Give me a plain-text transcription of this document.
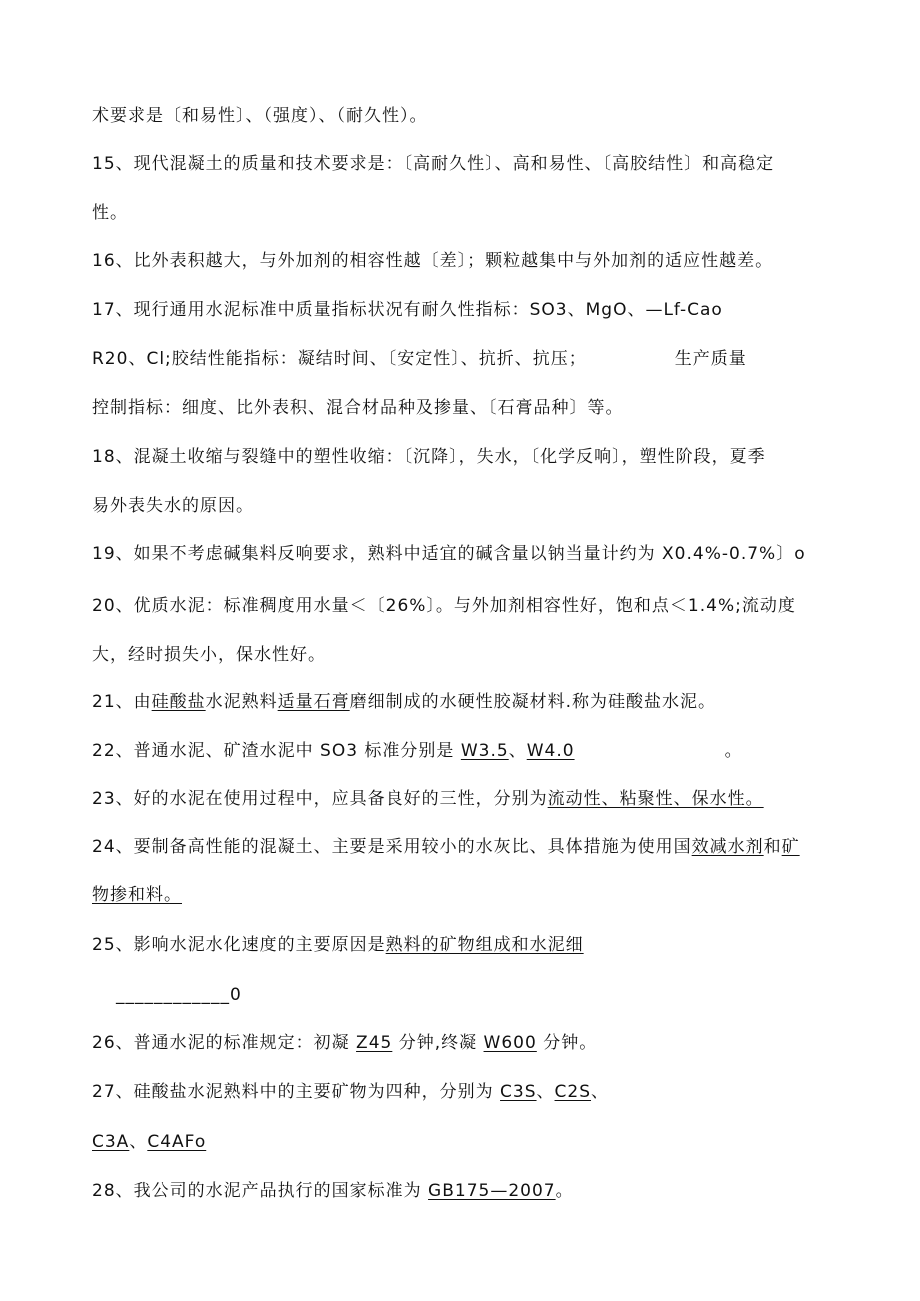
术要求是〔和易性〕、（强度）、（耐久性）。
15、现代混凝土的质量和技术要求是：〔高耐久性〕、高和易性、〔高胶结性〕和高稳定
性。
16、比外表积越大，与外加剂的相容性越〔差〕；颗粒越集中与外加剂的适应性越差。
17、现行通用水泥标准中质量指标状况有耐久性指标：SO3、MgO、—Lf-Cao
R20、Cl;胶结性能指标：凝结时间、〔安定性〕、抗折、抗压；	生产质量
控制指标：细度、比外表积、混合材品种及掺量、〔石膏品种〕等。
18、混凝土收缩与裂缝中的塑性收缩：〔沉降〕，失水，〔化学反响〕，塑性阶段，夏季
易外表失水的原因。
19、如果不考虑碱集料反响要求，熟料中适宜的碱含量以钠当量计约为 X0.4%-0.7%〕o
20、优质水泥：标准稠度用水量＜〔26%〕。与外加剂相容性好，饱和点＜1.4%;流动度
大，经时损失小，保水性好。
21、由硅酸盐水泥熟料适量石膏磨细制成的水硬性胶凝材料.称为硅酸盐水泥。
22、普通水泥、矿渣水泥中 SO3 标准分别是 W3.5、W4.0	。
23、好的水泥在使用过程中，应具备良好的三性，分别为流动性、粘聚性、保水性。
24、要制备高性能的混凝土、主要是采用较小的水灰比、具体措施为使用国效减水剂和矿
物掺和料。
25、影响水泥水化速度的主要原因是熟料的矿物组成和水泥细
____________0
26、普通水泥的标准规定：初凝 Z45 分钟,终凝 W600 分钟。
27、硅酸盐水泥熟料中的主要矿物为四种，分别为 C3S、C2S、
C3A、C4AFo
28、我公司的水泥产品执行的国家标准为 GB175—2007。
